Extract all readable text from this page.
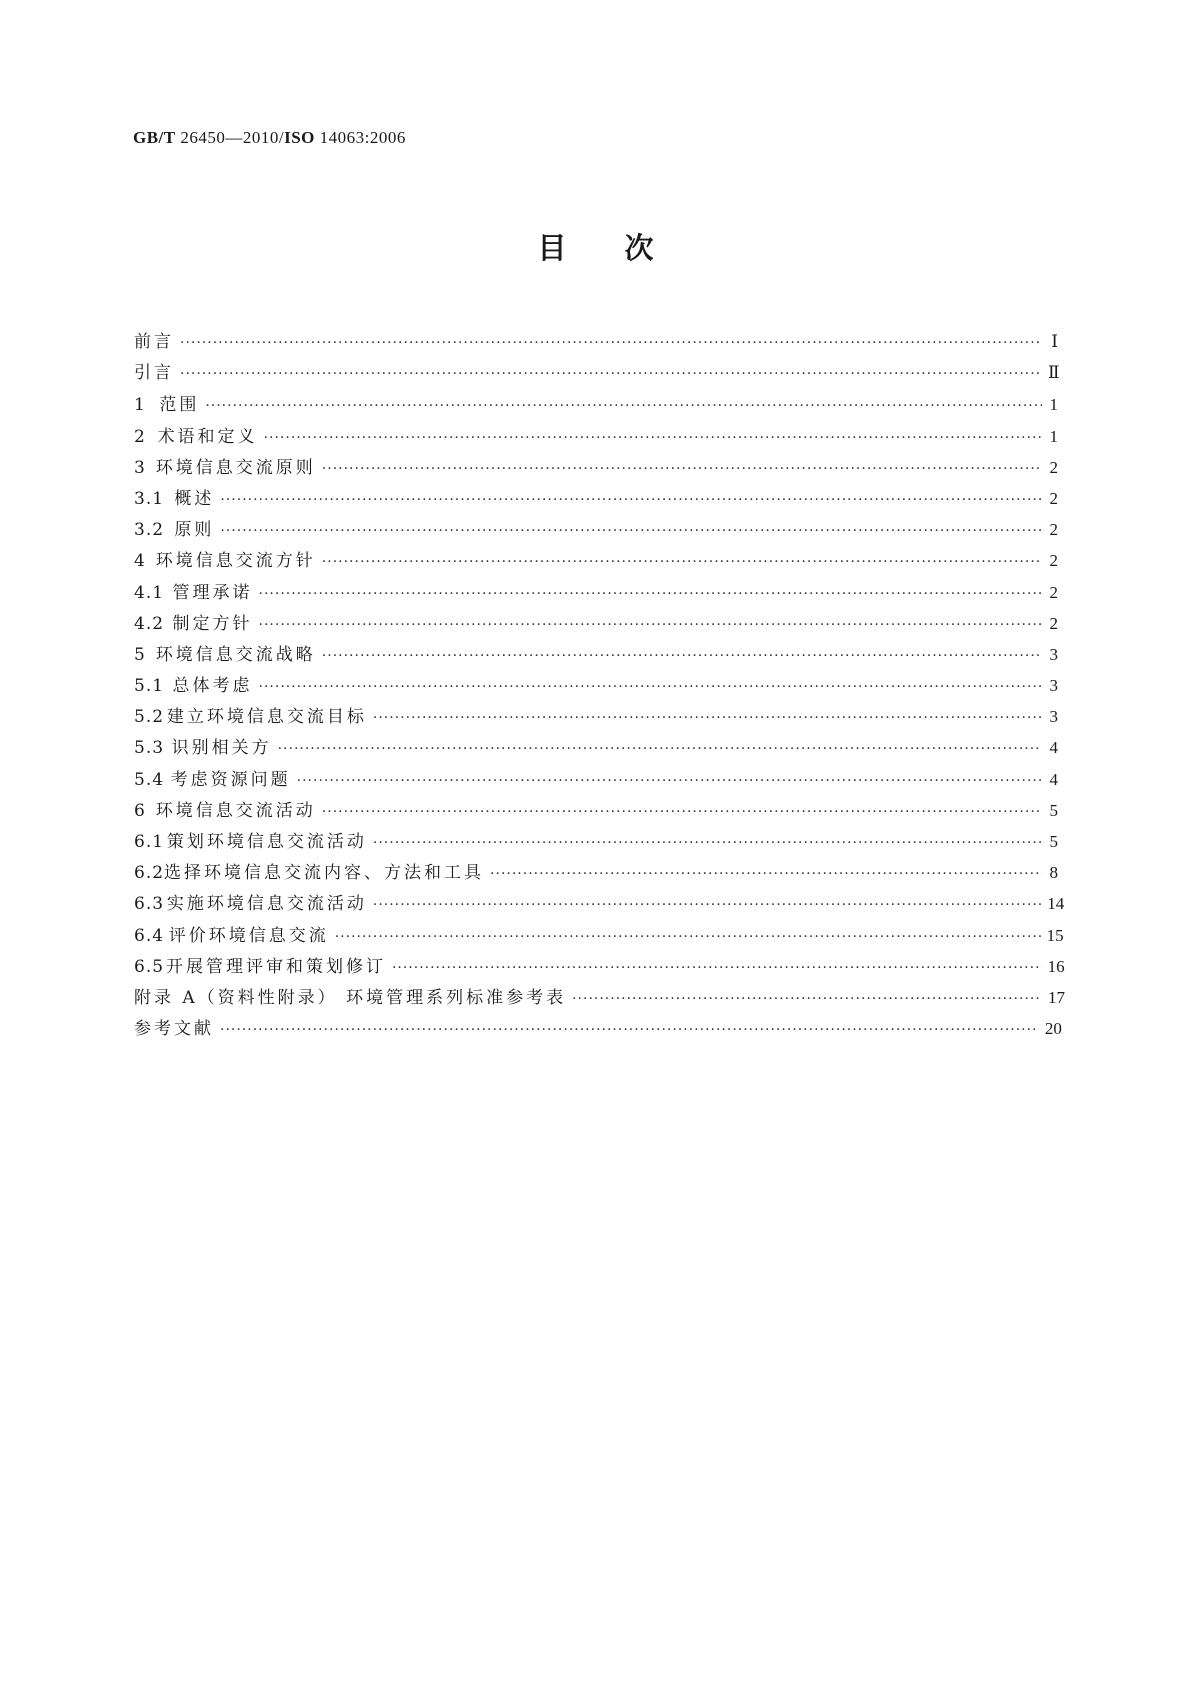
GB/T 26450—2010/ISO 14063:2006
目次
前言 ·····	Ⅰ
引言 ·····	Ⅱ
1 范围 ·····	1
2 术语和定义 ·····	1
3 环境信息交流原则 ·····	2
3.1 概述 ·····	2
3.2 原则 ·····	2
4 环境信息交流方针 ·····	2
4.1 管理承诺 ·····	2
4.2 制定方针 ·····	2
5 环境信息交流战略 ·····	3
5.1 总体考虑 ·····	3
5.2 建立环境信息交流目标 ·····	3
5.3 识别相关方 ·····	4
5.4 考虑资源问题 ·····	4
6 环境信息交流活动 ·····	5
6.1 策划环境信息交流活动 ·····	5
6.2 选择环境信息交流内容、方法和工具 ·····	8
6.3 实施环境信息交流活动 ·····	14
6.4 评价环境信息交流 ·····	15
6.5 开展管理评审和策划修订 ·····	16
附录 A（资料性附录） 环境管理系列标准参考表 ·····	17
参考文献 ·····	20
